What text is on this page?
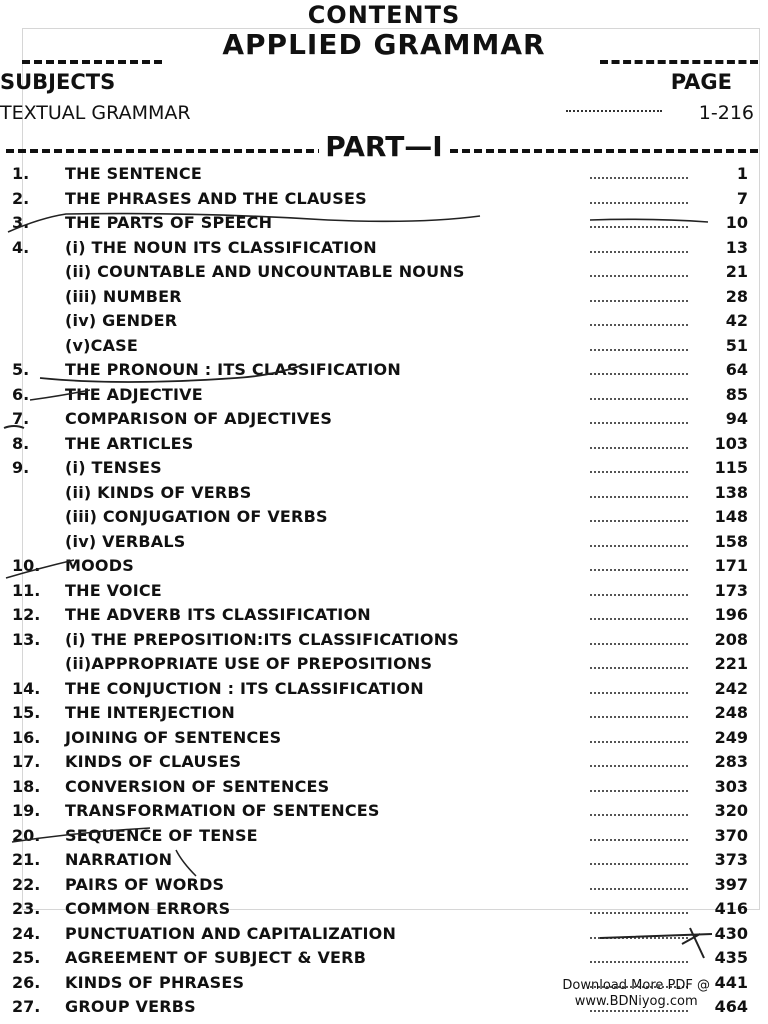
CONTENTS
APPLIED GRAMMAR
SUBJECTS	PAGE
TEXTUAL GRAMMAR	1-216
PART—I
1. THE SENTENCE	1
2. THE PHRASES AND THE CLAUSES	7
3. THE PARTS OF SPEECH	10
4. (i) THE NOUN ITS CLASSIFICATION	13
(ii) COUNTABLE AND UNCOUNTABLE NOUNS	21
(iii) NUMBER	28
(iv) GENDER	42
(v)CASE	51
5. THE PRONOUN : ITS CLASSIFICATION	64
6. THE ADJECTIVE	85
7. COMPARISON OF ADJECTIVES	94
8. THE ARTICLES	103
9. (i) TENSES	115
(ii) KINDS OF VERBS	138
(iii) CONJUGATION OF VERBS	148
(iv) VERBALS	158
10. MOODS	171
11. THE VOICE	173
12. THE ADVERB ITS CLASSIFICATION	196
13. (i) THE PREPOSITION:ITS CLASSIFICATIONS	208
(ii)APPROPRIATE USE OF PREPOSITIONS	221
14. THE CONJUCTION : ITS CLASSIFICATION	242
15. THE INTERJECTION	248
16. JOINING OF SENTENCES	249
17. KINDS OF CLAUSES	283
18. CONVERSION OF SENTENCES	303
19. TRANSFORMATION OF SENTENCES	320
20. SEQUENCE OF TENSE	370
21. NARRATION	373
22. PAIRS OF WORDS	397
23. COMMON ERRORS	416
24. PUNCTUATION AND CAPITALIZATION	430
25. AGREEMENT OF SUBJECT & VERB	435
26. KINDS OF PHRASES	441
27. GROUP VERBS	464
Download More PDF @
www.BDNiyog.com
